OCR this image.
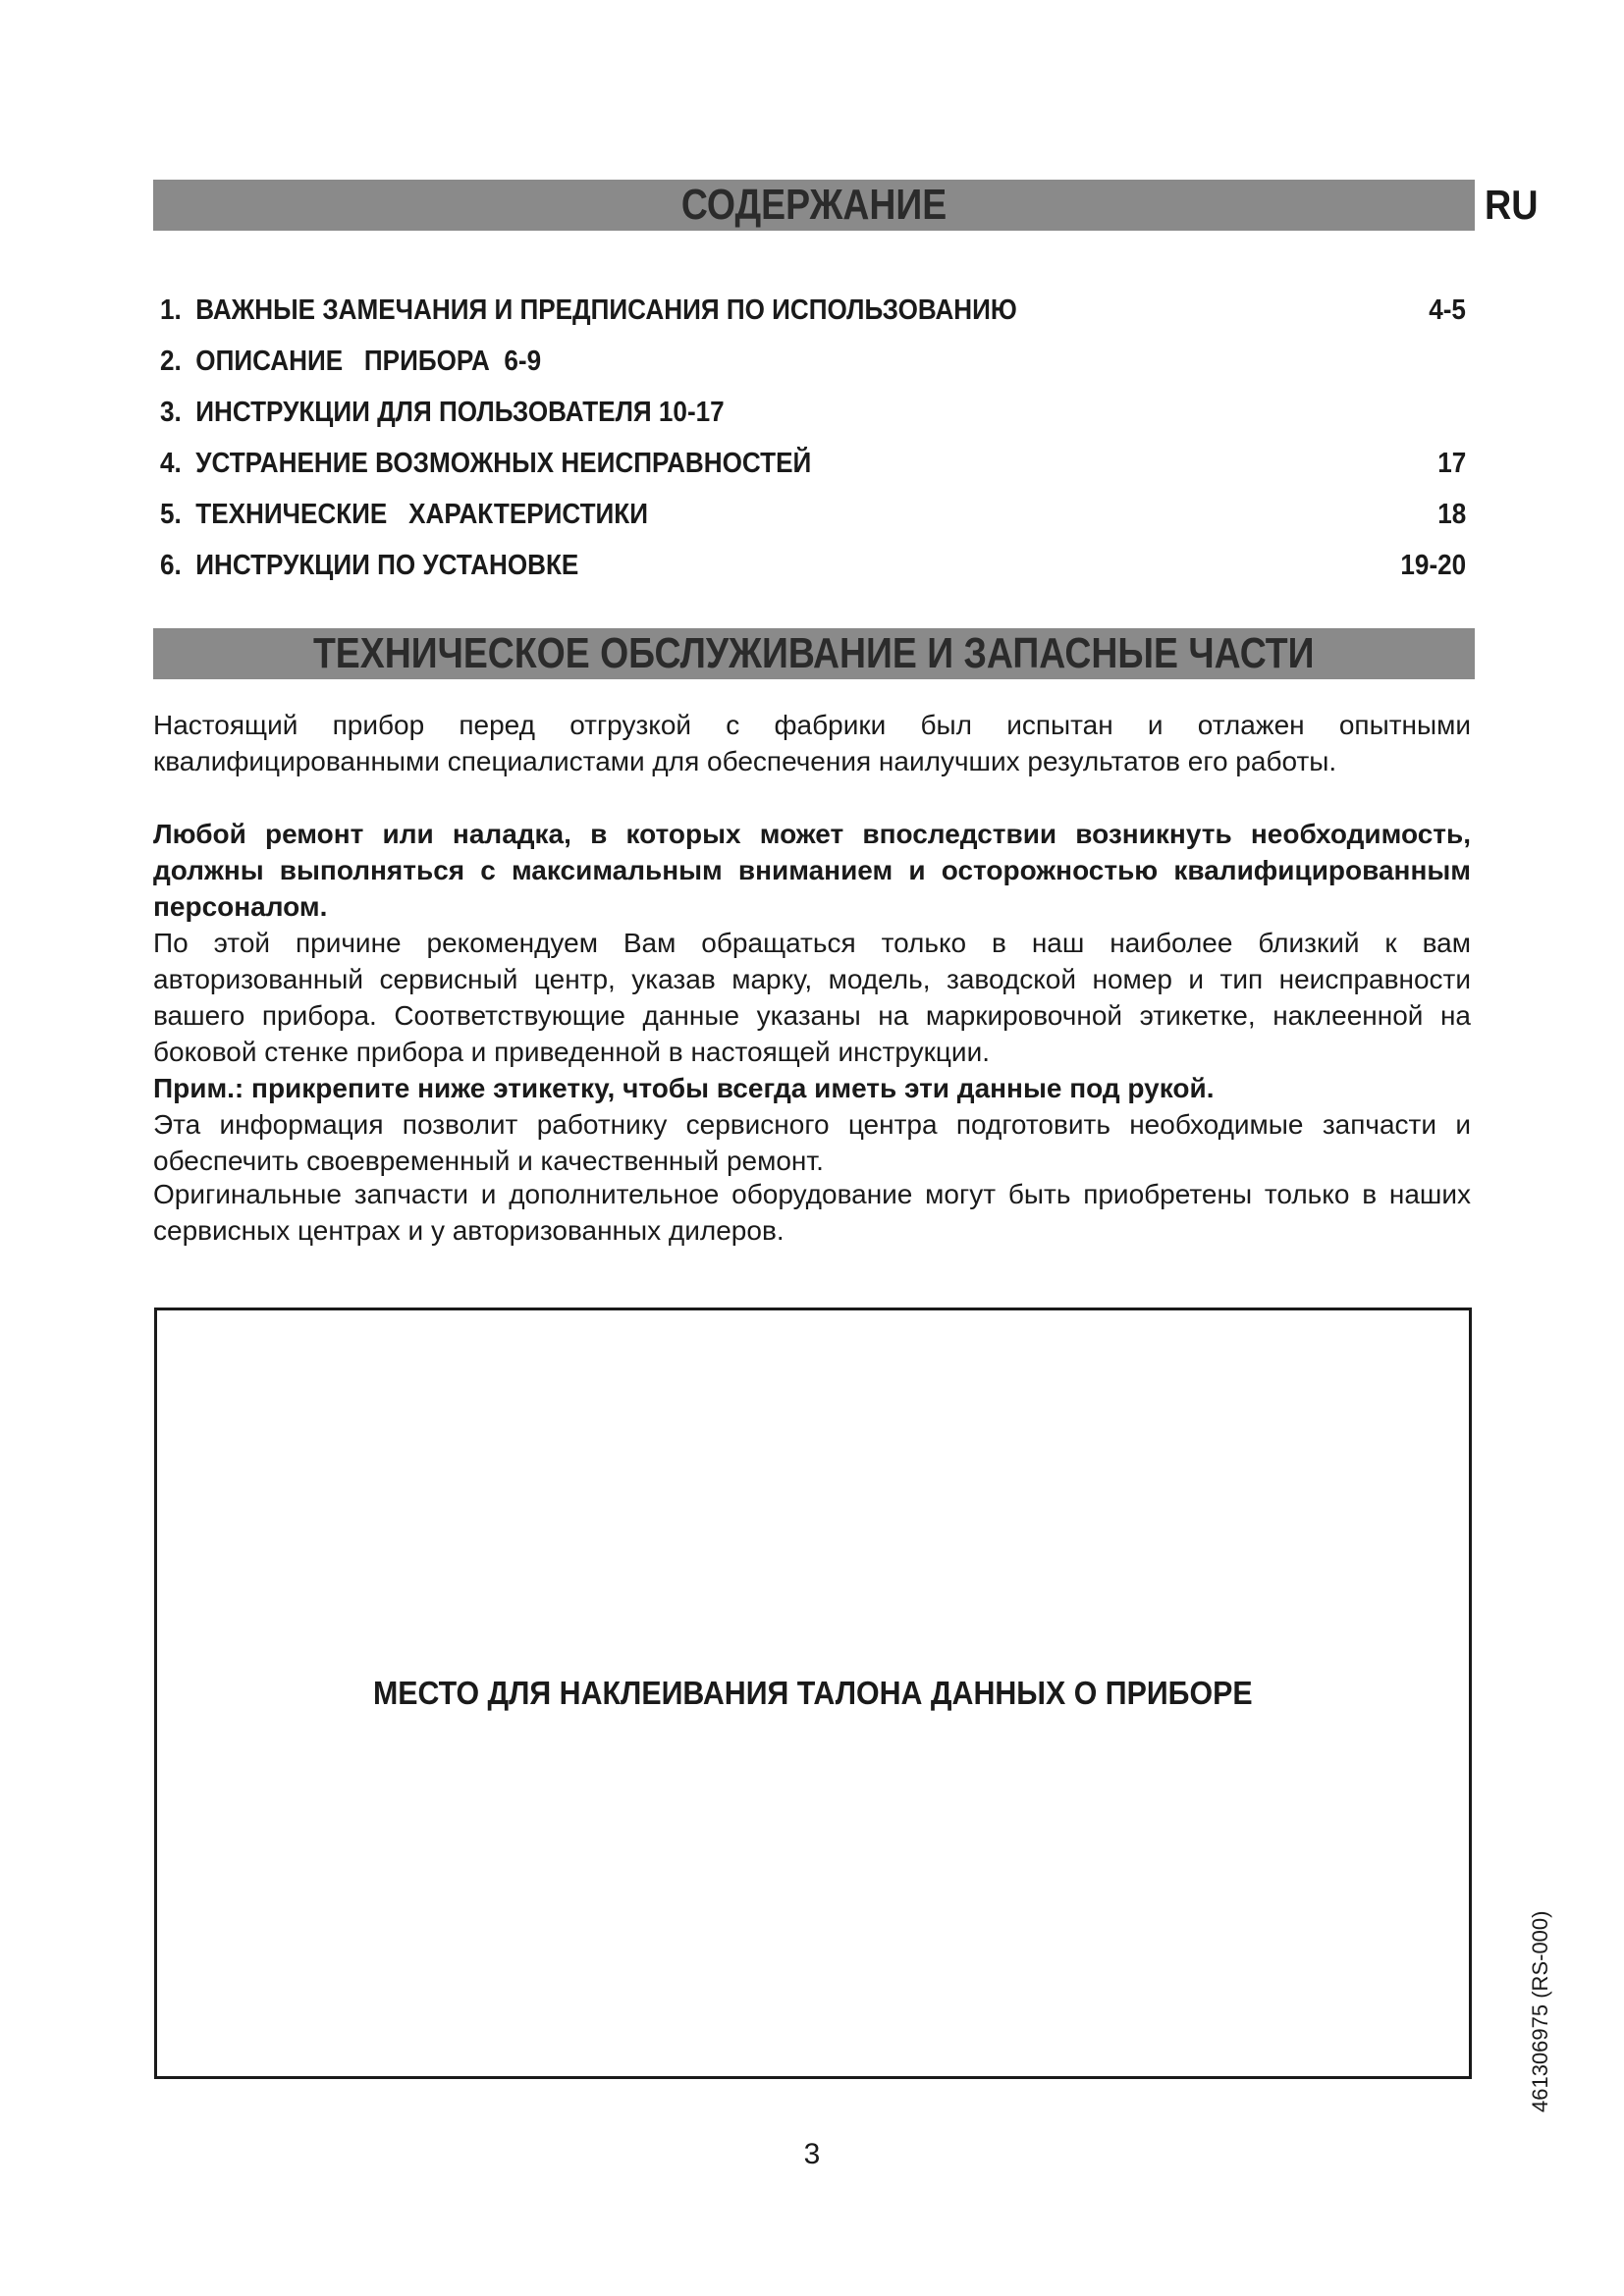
СОДЕРЖАНИЕ	RU
1.  ВАЖНЫЕ ЗАМЕЧАНИЯ И ПРЕДПИСАНИЯ ПО ИСПОЛЬЗОВАНИЮ	4-5
2.  ОПИСАНИЕ   ПРИБОРА  6-9
3.  ИНСТРУКЦИИ ДЛЯ ПОЛЬЗОВАТЕЛЯ 10-17
4.  УСТРАНЕНИЕ ВОЗМОЖНЫХ НЕИСПРАВНОСТЕЙ	17
5.  ТЕХНИЧЕСКИЕ   ХАРАКТЕРИСТИКИ	18
6.  ИНСТРУКЦИИ ПО УСТАНОВКЕ	19-20
ТЕХНИЧЕСКОЕ ОБСЛУЖИВАНИЕ И ЗАПАСНЫЕ ЧАСТИ

Настоящий прибор перед отгрузкой с фабрики был испытан и отлажен опытными квалифицированными специалистами для обеспечения наилучших результатов его работы.

Любой ремонт или наладка, в которых может впоследствии возникнуть необходимость, должны выполняться с максимальным вниманием и осторожностью квалифицированным персоналом.

По этой причине рекомендуем Вам обращаться только в наш наиболее близкий к вам авторизованный сервисный центр, указав марку, модель, заводской номер и тип неисправности вашего прибора. Соответствующие данные указаны на маркировочной этикетке, наклеенной на боковой стенке прибора и приведенной в настоящей инструкции.

Прим.: прикрепите ниже этикетку, чтобы всегда иметь эти данные под рукой.

Эта информация позволит работнику сервисного центра подготовить необходимые запчасти и обеспечить своевременный и качественный ремонт.

Оригинальные запчасти и дополнительное оборудование могут быть приобретены только в наших сервисных центрах и у авторизованных дилеров.

МЕСТО ДЛЯ НАКЛЕИВАНИЯ ТАЛОНА ДАННЫХ О ПРИБОРЕ
3
461306975 (RS-000)
